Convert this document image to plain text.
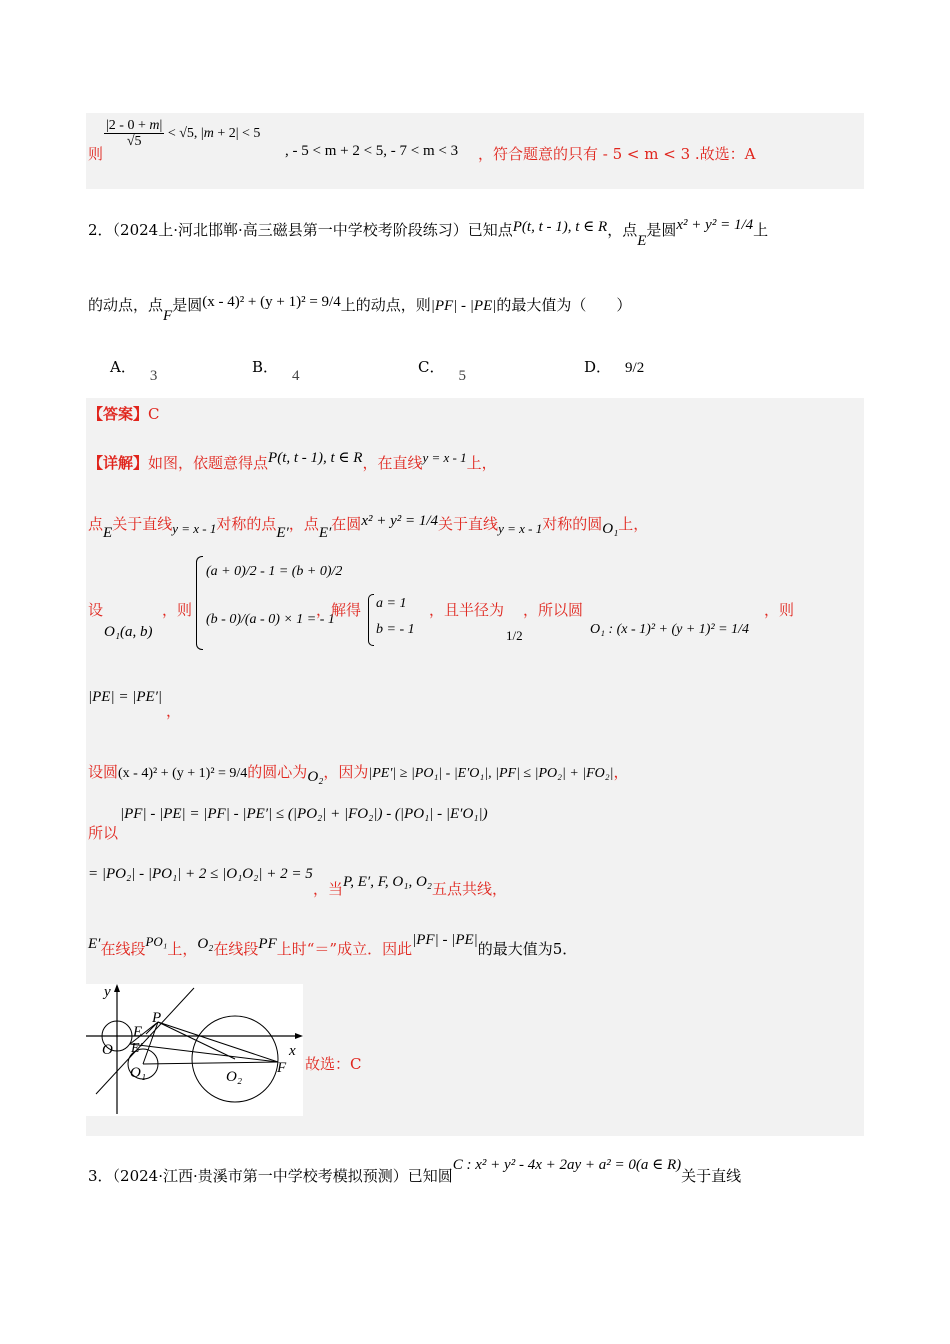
则
$\frac{|2 - 0 + m|}{√5} < √5$, |m + 2| < 5
, - 5 < m + 2 < 5, - 7 < m < 3 ，符合题意的只有 - 5 < m < 3 .故选：A
2．（2024上·河北邯郸·高三磁县第一中学校考阶段练习）已知点P(t, t - 1), t ∈ R，点E是圆x² + y² = 1/4上
的动点，点F是圆(x - 4)² + (y + 1)² = 9/4上的动点，则|PF| - |PE|的最大值为（　　）
A． 3	B． 4	C． 5	D． 9/2
【答案】C
【详解】如图，依题意得点P(t, t - 1), t ∈ R，在直线y = x - 1上，
点E关于直线y = x - 1对称的点E′，点E′在圆x² + y² = 1/4关于直线y = x - 1对称的圆O₁上，
设
O₁(a, b)
，则
(a + 0)/2 - 1 = (b + 0)/2
(b - 0)/(a - 0) × 1 = - 1
，解得 a = 1
b = - 1
，且半径为
1/2
，所以圆
O₁ : (x - 1)² + (y + 1)² = 1/4
，则
|PE| = |PE′|
，
设圆(x - 4)² + (y + 1)² = 9/4的圆心为O₂，因为|PE′| ≥ |PO₁| - |E′O₁|, |PF| ≤ |PO₂| + |FO₂|，
所以
|PF| - |PE| = |PF| - |PE′| ≤ (|PO₂| + |FO₂|) - (|PO₁| - |E′O₁|)
= |PO₂| - |PO₁| + 2 ≤ |O₁O₂| + 2 = 5
，当P, E′, F, O₁, O₂五点共线，
E′在线段PO₁上，O₂在线段PF上时“＝”成立．因此|PF| - |PE|的最大值为5．
y
x
O
P
E
E′
O₁	O₂
F 故选：C
3．（2024·江西·贵溪市第一中学校考模拟预测）已知圆C : x² + y² - 4x + 2ay + a² = 0(a ∈ R)关于直线
